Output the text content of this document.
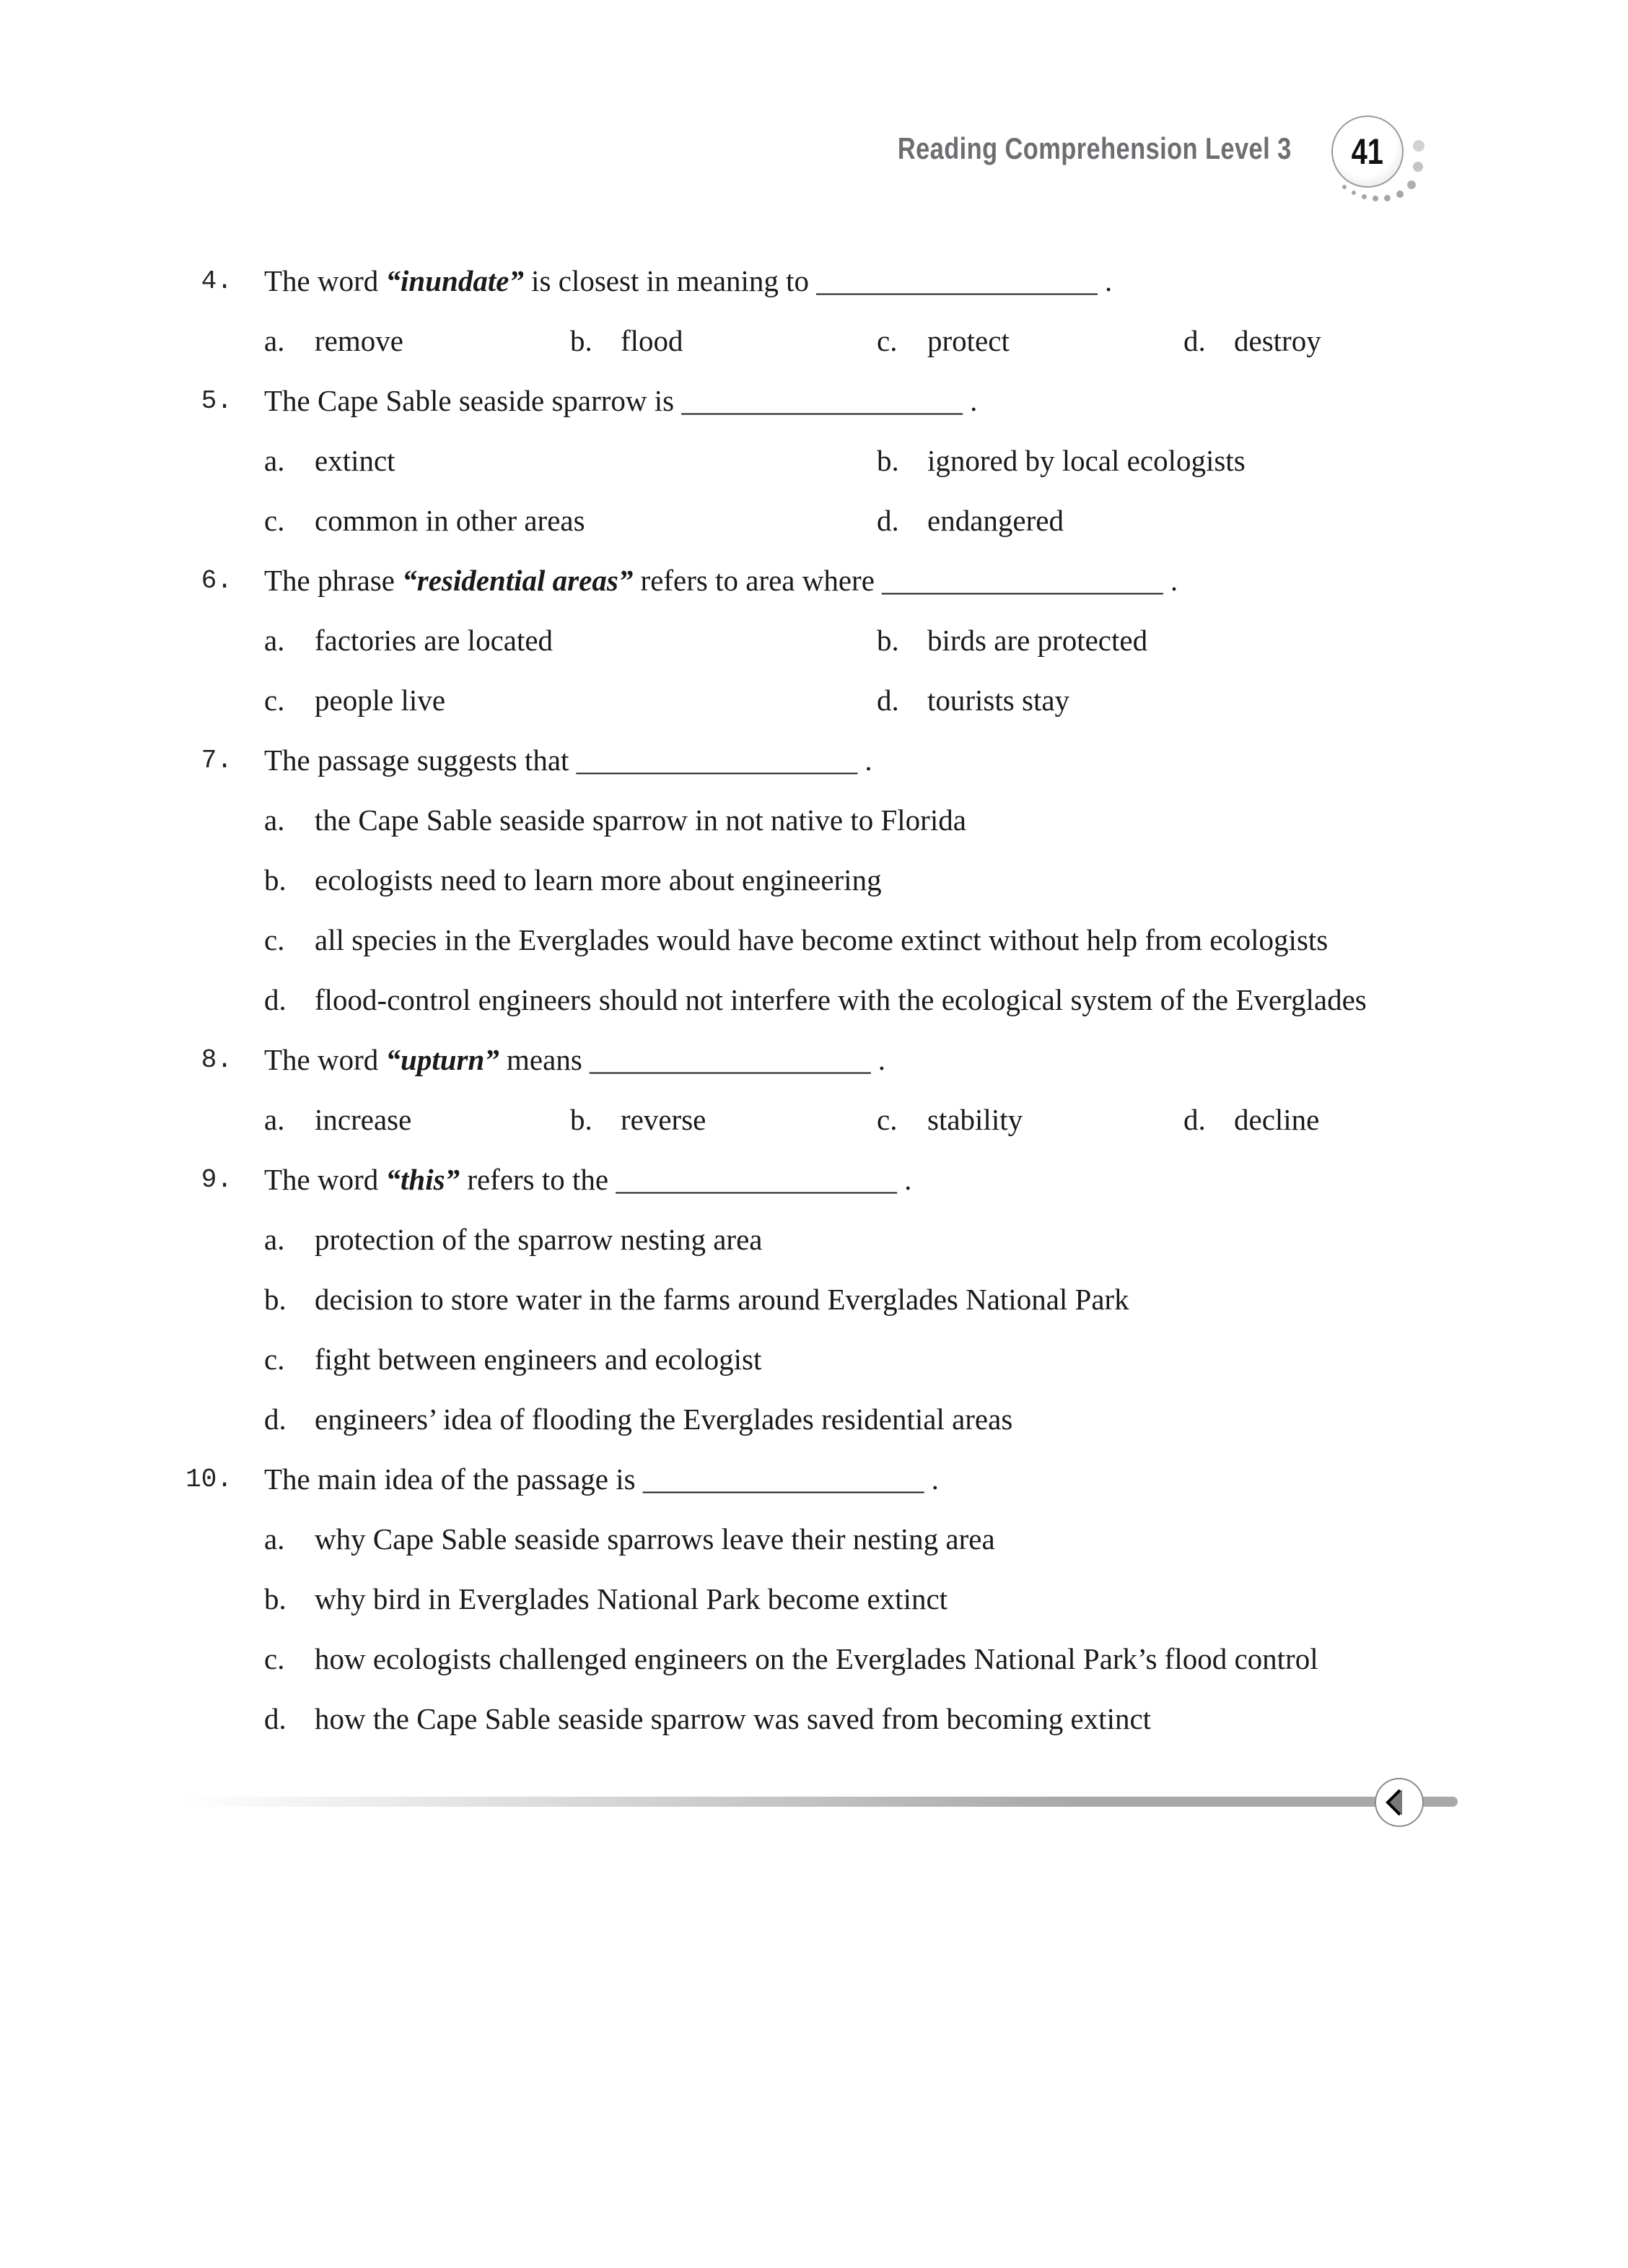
Reading Comprehension Level 3 41
4. The word “inundate” is closest in meaning to ___________________ .
a. remove	b. flood	c. protect	d. destroy
5. The Cape Sable seaside sparrow is ___________________ .
a. extinct	b. ignored by local ecologists
c. common in other areas	d. endangered
6. The phrase “residential areas” refers to area where ___________________ .
a. factories are located	b. birds are protected
c. people live	d. tourists stay
7. The passage suggests that ___________________ .
a. the Cape Sable seaside sparrow in not native to Florida
b. ecologists need to learn more about engineering
c. all species in the Everglades would have become extinct without help from ecologists
d. flood-control engineers should not interfere with the ecological system of the Everglades
8. The word “upturn” means ___________________ .
a. increase	b. reverse	c. stability	d. decline
9. The word “this” refers to the ___________________ .
a. protection of the sparrow nesting area
b. decision to store water in the farms around Everglades National Park
c. fight between engineers and ecologist
d. engineers’ idea of flooding the Everglades residential areas
10. The main idea of the passage is ___________________ .
a. why Cape Sable seaside sparrows leave their nesting area
b. why bird in Everglades National Park become extinct
c. how ecologists challenged engineers on the Everglades National Park’s flood control
d. how the Cape Sable seaside sparrow was saved from becoming extinct
